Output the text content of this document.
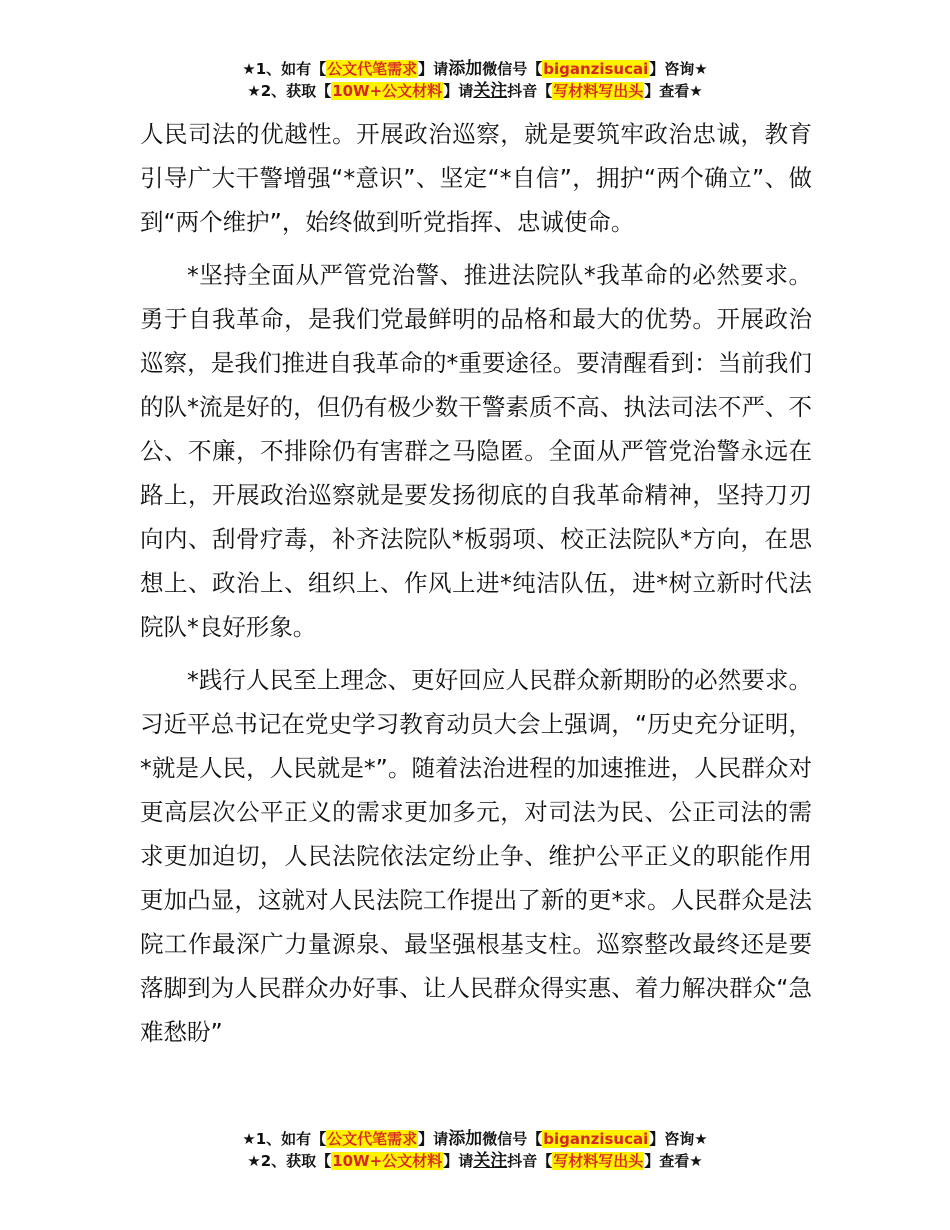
★1、如有【公文代笔需求】请添加微信号【biganzisucai】咨询★
★2、获取【10W+公文材料】请关注抖音【写材料写出头】查看★

人民司法的优越性。开展政治巡察，就是要筑牢政治忠诚，教育引导广大干警增强“*意识”、坚定“*自信”，拥护“两个确立”、做到“两个维护”，始终做到听党指挥、忠诚使命。

*坚持全面从严管党治警、推进法院队*我革命的必然要求。勇于自我革命，是我们党最鲜明的品格和最大的优势。开展政治巡察，是我们推进自我革命的*重要途径。要清醒看到：当前我们的队*流是好的，但仍有极少数干警素质不高、执法司法不严、不公、不廉，不排除仍有害群之马隐匿。全面从严管党治警永远在路上，开展政治巡察就是要发扬彻底的自我革命精神，坚持刀刃向内、刮骨疗毒，补齐法院队*板弱项、校正法院队*方向，在思想上、政治上、组织上、作风上进*纯洁队伍，进*树立新时代法院队*良好形象。

*践行人民至上理念、更好回应人民群众新期盼的必然要求。习近平总书记在党史学习教育动员大会上强调，“历史充分证明，*就是人民，人民就是*”。随着法治进程的加速推进，人民群众对更高层次公平正义的需求更加多元，对司法为民、公正司法的需求更加迫切，人民法院依法定纷止争、维护公平正义的职能作用更加凸显，这就对人民法院工作提出了新的更*求。人民群众是法院工作最深广力量源泉、最坚强根基支柱。巡察整改最终还是要落脚到为人民群众办好事、让人民群众得实惠、着力解决群众“急难愁盼”

★1、如有【公文代笔需求】请添加微信号【biganzisucai】咨询★
★2、获取【10W+公文材料】请关注抖音【写材料写出头】查看★
